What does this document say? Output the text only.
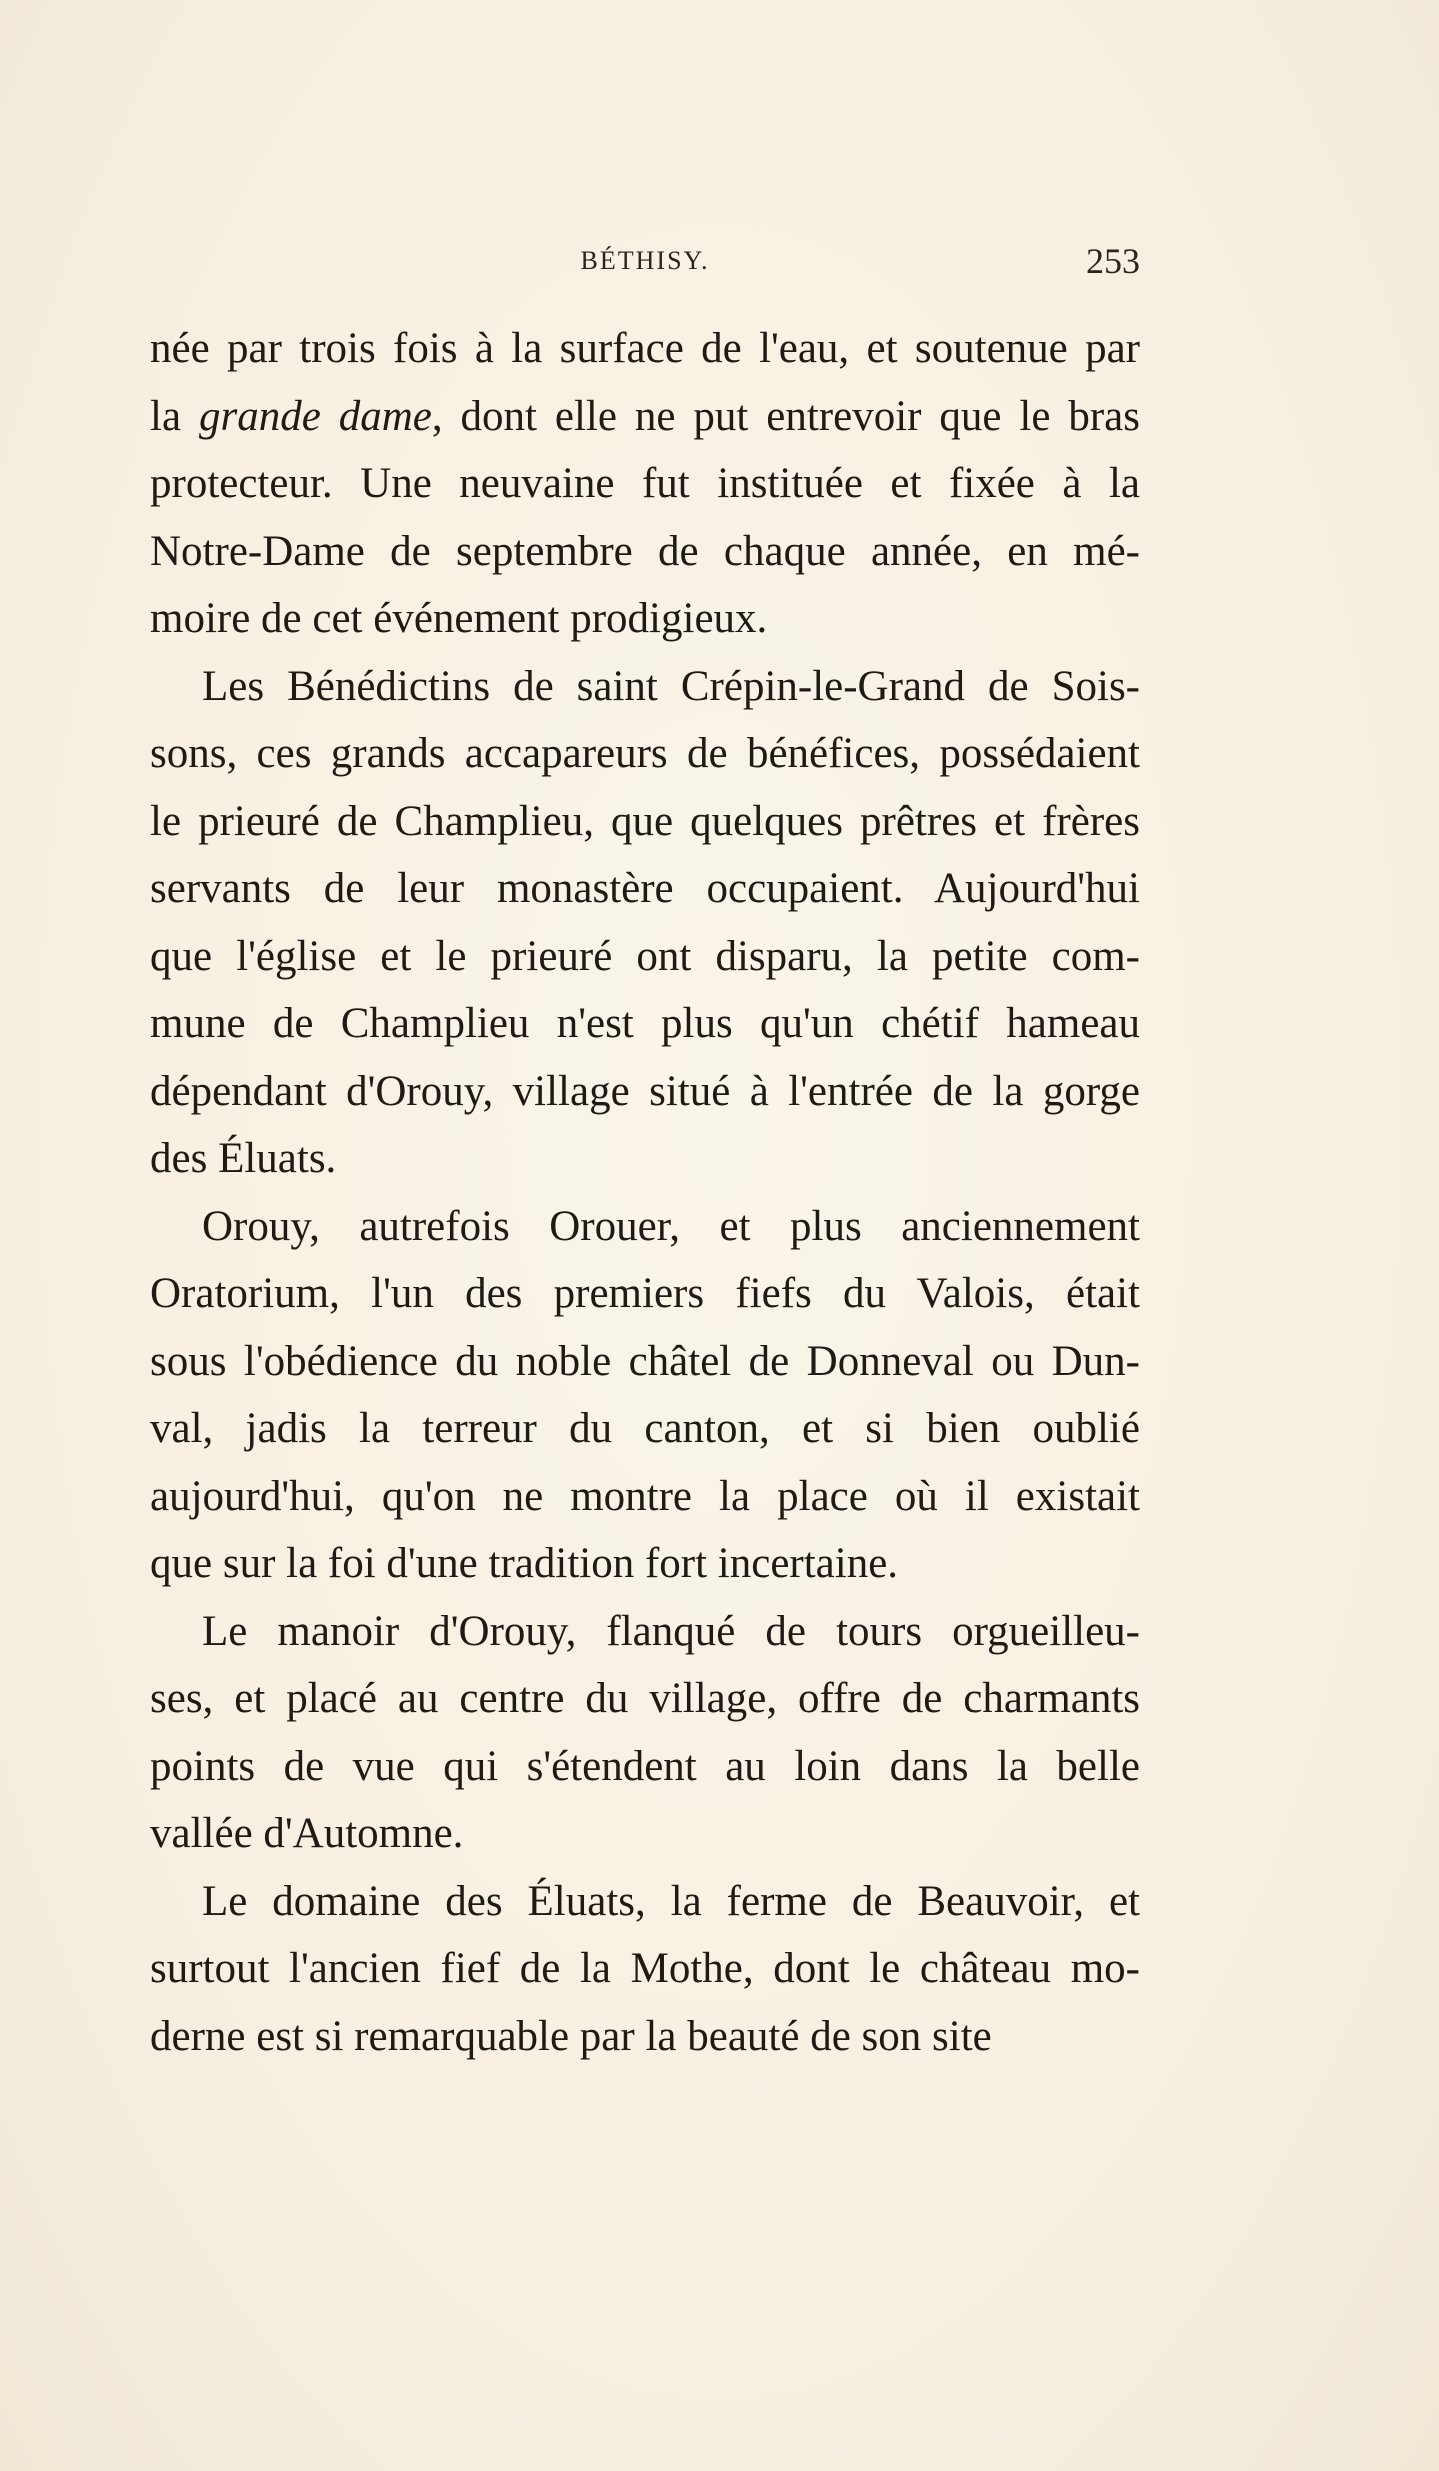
BÉTHISY.	253
née par trois fois à la surface de l'eau, et soutenue par
la grande dame, dont elle ne put entrevoir que le bras
protecteur. Une neuvaine fut instituée et fixée à la
Notre-Dame de septembre de chaque année, en mé-
moire de cet événement prodigieux.
Les Bénédictins de saint Crépin-le-Grand de Sois-
sons, ces grands accapareurs de bénéfices, possédaient
le prieuré de Champlieu, que quelques prêtres et frères
servants de leur monastère occupaient. Aujourd'hui
que l'église et le prieuré ont disparu, la petite com-
mune de Champlieu n'est plus qu'un chétif hameau
dépendant d'Orouy, village situé à l'entrée de la gorge
des Éluats.
Orouy, autrefois Orouer, et plus anciennement
Oratorium, l'un des premiers fiefs du Valois, était
sous l'obédience du noble châtel de Donneval ou Dun-
val, jadis la terreur du canton, et si bien oublié
aujourd'hui, qu'on ne montre la place où il existait
que sur la foi d'une tradition fort incertaine.
Le manoir d'Orouy, flanqué de tours orgueilleu-
ses, et placé au centre du village, offre de charmants
points de vue qui s'étendent au loin dans la belle
vallée d'Automne.
Le domaine des Éluats, la ferme de Beauvoir, et
surtout l'ancien fief de la Mothe, dont le château mo-
derne est si remarquable par la beauté de son site
